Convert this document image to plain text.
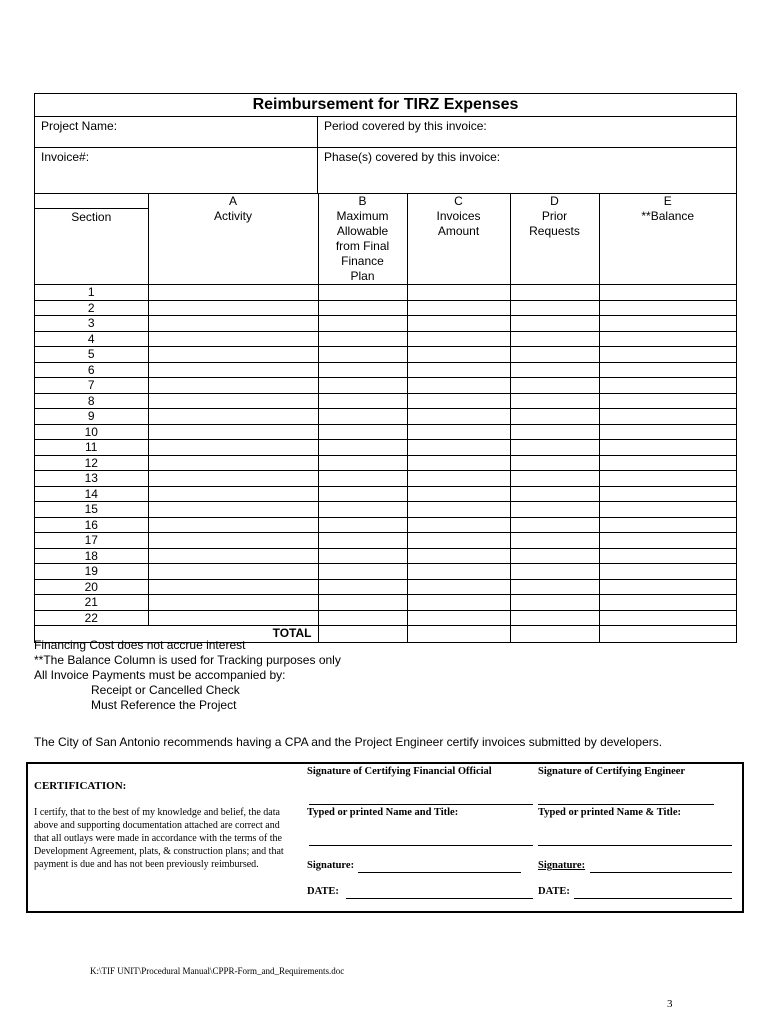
Reimbursement for TIRZ Expenses
Project Name:	Period covered by this invoice:
Invoice#:	Phase(s) covered by this invoice:
	A	B	C	D	E
Section	Activity	Maximum Allowable from Final Finance Plan	Invoices Amount	Prior Requests	**Balance
1					
2					
3					
4					
5					
6					
7					
8					
9					
10					
11					
12					
13					
14					
15					
16					
17					
18					
19					
20					
21					
22					
TOTAL					
Financing Cost does not accrue interest
**The Balance Column is used for Tracking purposes only
All Invoice Payments must be accompanied by:
Receipt or Cancelled Check
Must Reference the Project
The City of San Antonio recommends having a CPA and the Project Engineer certify invoices submitted by developers.
CERTIFICATION:
I certify, that to the best of my knowledge and belief, the data above and supporting documentation attached are correct and that all outlays were made in accordance with the terms of the Development Agreement, plats, & construction plans; and that payment is due and has not been previously reimbursed.
Signature of Certifying Financial Official	Signature of Certifying Engineer
Typed or printed Name and Title:	Typed or printed Name & Title:
Signature:	Signature:
DATE:	DATE:
K:\TIF UNIT\Procedural Manual\CPPR-Form_and_Requirements.doc
3
